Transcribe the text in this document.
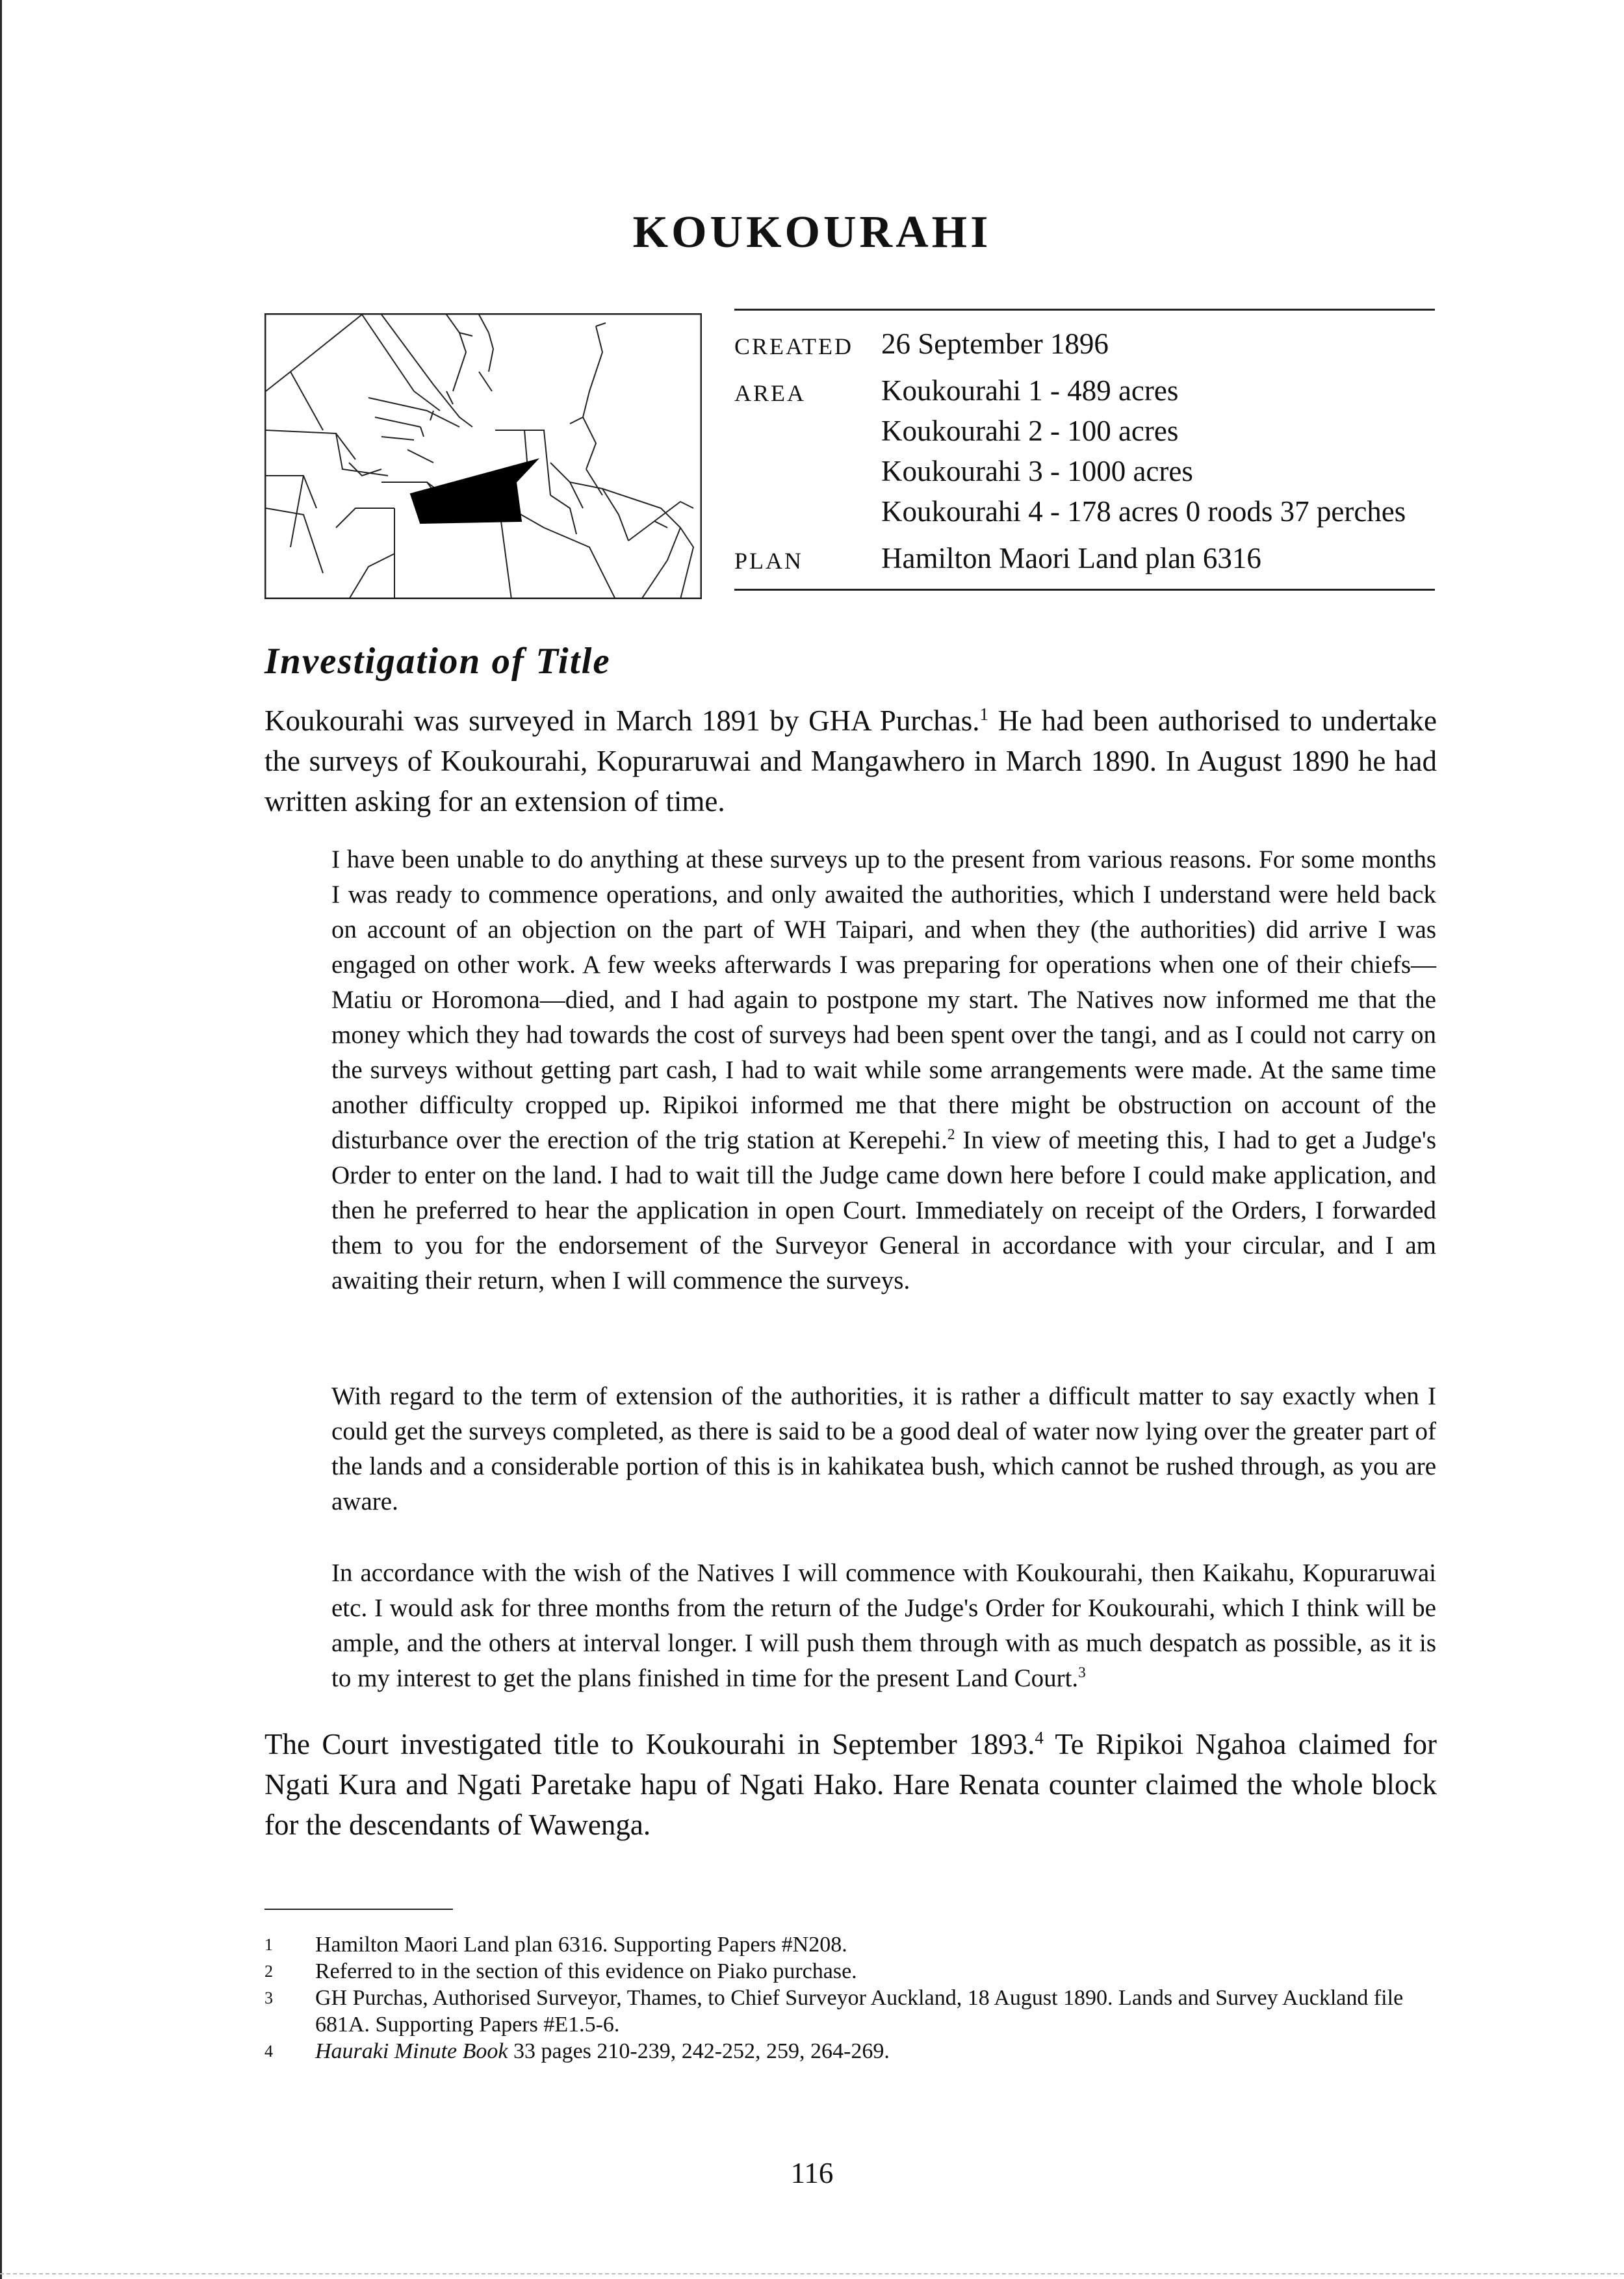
KOUKOURAHI
CREATED	26 September 1896

AREA	Koukourahi 1 - 489 acres
Koukourahi 2 - 100 acres
Koukourahi 3 - 1000 acres
Koukourahi 4 - 178 acres 0 roods 37 perches

PLAN	Hamilton Maori Land plan 6316
Investigation of Title

Koukourahi was surveyed in March 1891 by GHA Purchas.$^1$ He had been authorised to undertake the surveys of Koukourahi, Kopuraruwai and Mangawhero in March 1890. In August 1890 he had written asking for an extension of time.

I have been unable to do anything at these surveys up to the present from various reasons. For some months I was ready to commence operations, and only awaited the authorities, which I understand were held back on account of an objection on the part of WH Taipari, and when they (the authorities) did arrive I was engaged on other work. A few weeks afterwards I was preparing for operations when one of their chiefs—Matiu or Horomona—died, and I had again to postpone my start. The Natives now informed me that the money which they had towards the cost of surveys had been spent over the tangi, and as I could not carry on the surveys without getting part cash, I had to wait while some arrangements were made. At the same time another difficulty cropped up. Ripikoi informed me that there might be obstruction on account of the disturbance over the erection of the trig station at Kerepehi.$^2$ In view of meeting this, I had to get a Judge's Order to enter on the land. I had to wait till the Judge came down here before I could make application, and then he preferred to hear the application in open Court. Immediately on receipt of the Orders, I forwarded them to you for the endorsement of the Surveyor General in accordance with your circular, and I am awaiting their return, when I will commence the surveys.

With regard to the term of extension of the authorities, it is rather a difficult matter to say exactly when I could get the surveys completed, as there is said to be a good deal of water now lying over the greater part of the lands and a considerable portion of this is in kahikatea bush, which cannot be rushed through, as you are aware.

In accordance with the wish of the Natives I will commence with Koukourahi, then Kaikahu, Kopuraruwai etc. I would ask for three months from the return of the Judge's Order for Koukourahi, which I think will be ample, and the others at interval longer. I will push them through with as much despatch as possible, as it is to my interest to get the plans finished in time for the present Land Court.$^3$

The Court investigated title to Koukourahi in September 1893.$^4$ Te Ripikoi Ngahoa claimed for Ngati Kura and Ngati Paretake hapu of Ngati Hako. Hare Renata counter claimed the whole block for the descendants of Wawenga.

1	Hamilton Maori Land plan 6316. Supporting Papers #N208.
2	Referred to in the section of this evidence on Piako purchase.
3	GH Purchas, Authorised Surveyor, Thames, to Chief Surveyor Auckland, 18 August 1890. Lands and Survey Auckland file 681A. Supporting Papers #E1.5-6.
4	Hauraki Minute Book 33 pages 210-239, 242-252, 259, 264-269.
116
